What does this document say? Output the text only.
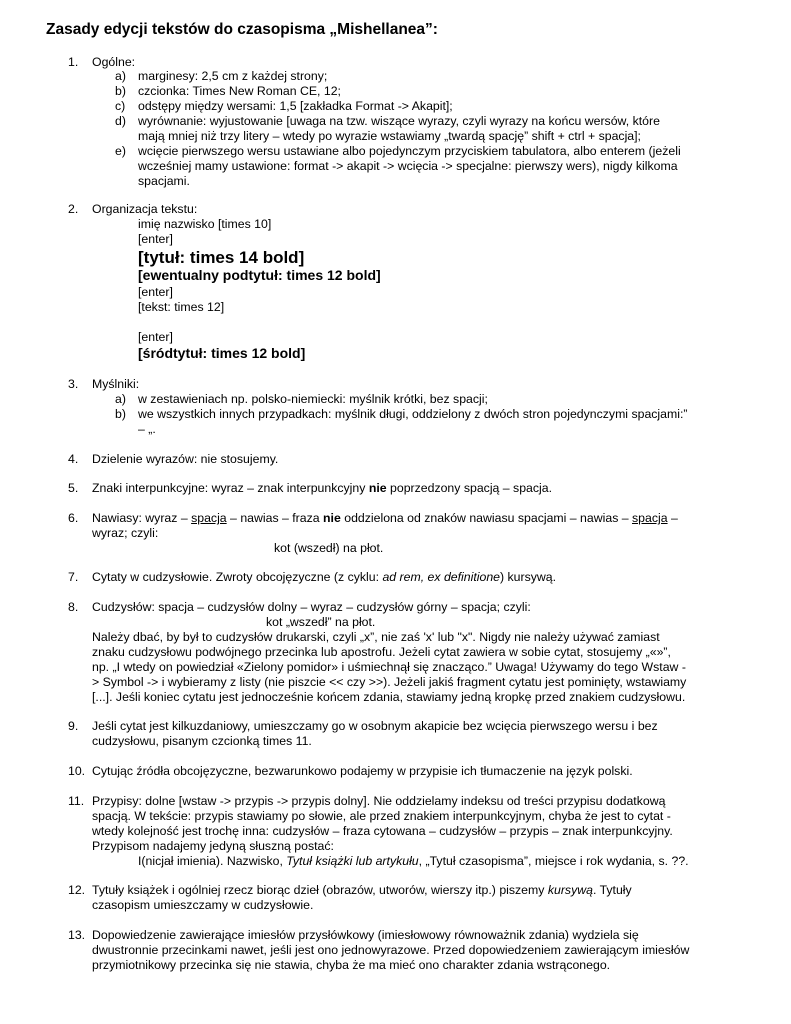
Zasady edycji tekstów do czasopisma „Mishellanea”:
1. Ogólne:
a) marginesy: 2,5 cm z każdej strony;
b) czcionka: Times New Roman CE, 12;
c) odstępy między wersami: 1,5 [zakładka Format -> Akapit];
d) wyrównanie: wyjustowanie [uwaga na tzw. wiszące wyrazy, czyli wyrazy na końcu wersów, które
mają mniej niż trzy litery – wtedy po wyrazie wstawiamy „twardą spację” shift + ctrl + spacja];
e) wcięcie pierwszego wersu ustawiane albo pojedynczym przyciskiem tabulatora, albo enterem (jeżeli
wcześniej mamy ustawione: format -> akapit -> wcięcia -> specjalne: pierwszy wers), nigdy kilkoma
spacjami.
2. Organizacja tekstu:
imię nazwisko [times 10]
[enter]
[tytuł: times 14 bold]
[ewentualny podtytuł: times 12 bold]
[enter]
[tekst: times 12]
[enter]
[śródtytuł: times 12 bold]
3. Myślniki:
a) w zestawieniach np. polsko-niemiecki: myślnik krótki, bez spacji;
b) we wszystkich innych przypadkach: myślnik długi, oddzielony z dwóch stron pojedynczymi spacjami:”
– „.
4. Dzielenie wyrazów: nie stosujemy.
5. Znaki interpunkcyjne: wyraz – znak interpunkcyjny nie poprzedzony spacją – spacja.
6. Nawiasy: wyraz – spacja – nawias – fraza nie oddzielona od znaków nawiasu spacjami – nawias – spacja –
wyraz; czyli:
kot (wszedł) na płot.
7. Cytaty w cudzysłowie. Zwroty obcojęzyczne (z cyklu: ad rem, ex definitione) kursywą.
8. Cudzysłów: spacja – cudzysłów dolny – wyraz – cudzysłów górny – spacja; czyli:
kot „wszedł” na płot.
Należy dbać, by był to cudzysłów drukarski, czyli „x”, nie zaś 'x' lub "x". Nigdy nie należy używać zamiast
znaku cudzysłowu podwójnego przecinka lub apostrofu. Jeżeli cytat zawiera w sobie cytat, stosujemy „«»”,
np. „I wtedy on powiedział «Zielony pomidor» i uśmiechnął się znacząco.” Uwaga! Używamy do tego Wstaw -
> Symbol -> i wybieramy z listy (nie piszcie << czy >>). Jeżeli jakiś fragment cytatu jest pominięty, wstawiamy
[...]. Jeśli koniec cytatu jest jednocześnie końcem zdania, stawiamy jedną kropkę przed znakiem cudzysłowu.
9. Jeśli cytat jest kilkuzdaniowy, umieszczamy go w osobnym akapicie bez wcięcia pierwszego wersu i bez
cudzysłowu, pisanym czcionką times 11.
10. Cytując źródła obcojęzyczne, bezwarunkowo podajemy w przypisie ich tłumaczenie na język polski.
11. Przypisy: dolne [wstaw -> przypis -> przypis dolny]. Nie oddzielamy indeksu od treści przypisu dodatkową
spacją. W tekście: przypis stawiamy po słowie, ale przed znakiem interpunkcyjnym, chyba że jest to cytat -
wtedy kolejność jest trochę inna: cudzysłów – fraza cytowana – cudzysłów – przypis – znak interpunkcyjny.
Przypisom nadajemy jedyną słuszną postać:
I(nicjał imienia). Nazwisko, Tytuł książki lub artykułu, „Tytuł czasopisma”, miejsce i rok wydania, s. ??.
12. Tytuły książek i ogólniej rzecz biorąc dzieł (obrazów, utworów, wierszy itp.) piszemy kursywą. Tytuły
czasopism umieszczamy w cudzysłowie.
13. Dopowiedzenie zawierające imiesłów przysłówkowy (imiesłowowy równoważnik zdania) wydziela się
dwustronnie przecinkami nawet, jeśli jest ono jednowyrazowe. Przed dopowiedzeniem zawierającym imiesłów
przymiotnikowy przecinka się nie stawia, chyba że ma mieć ono charakter zdania wstrąconego.
